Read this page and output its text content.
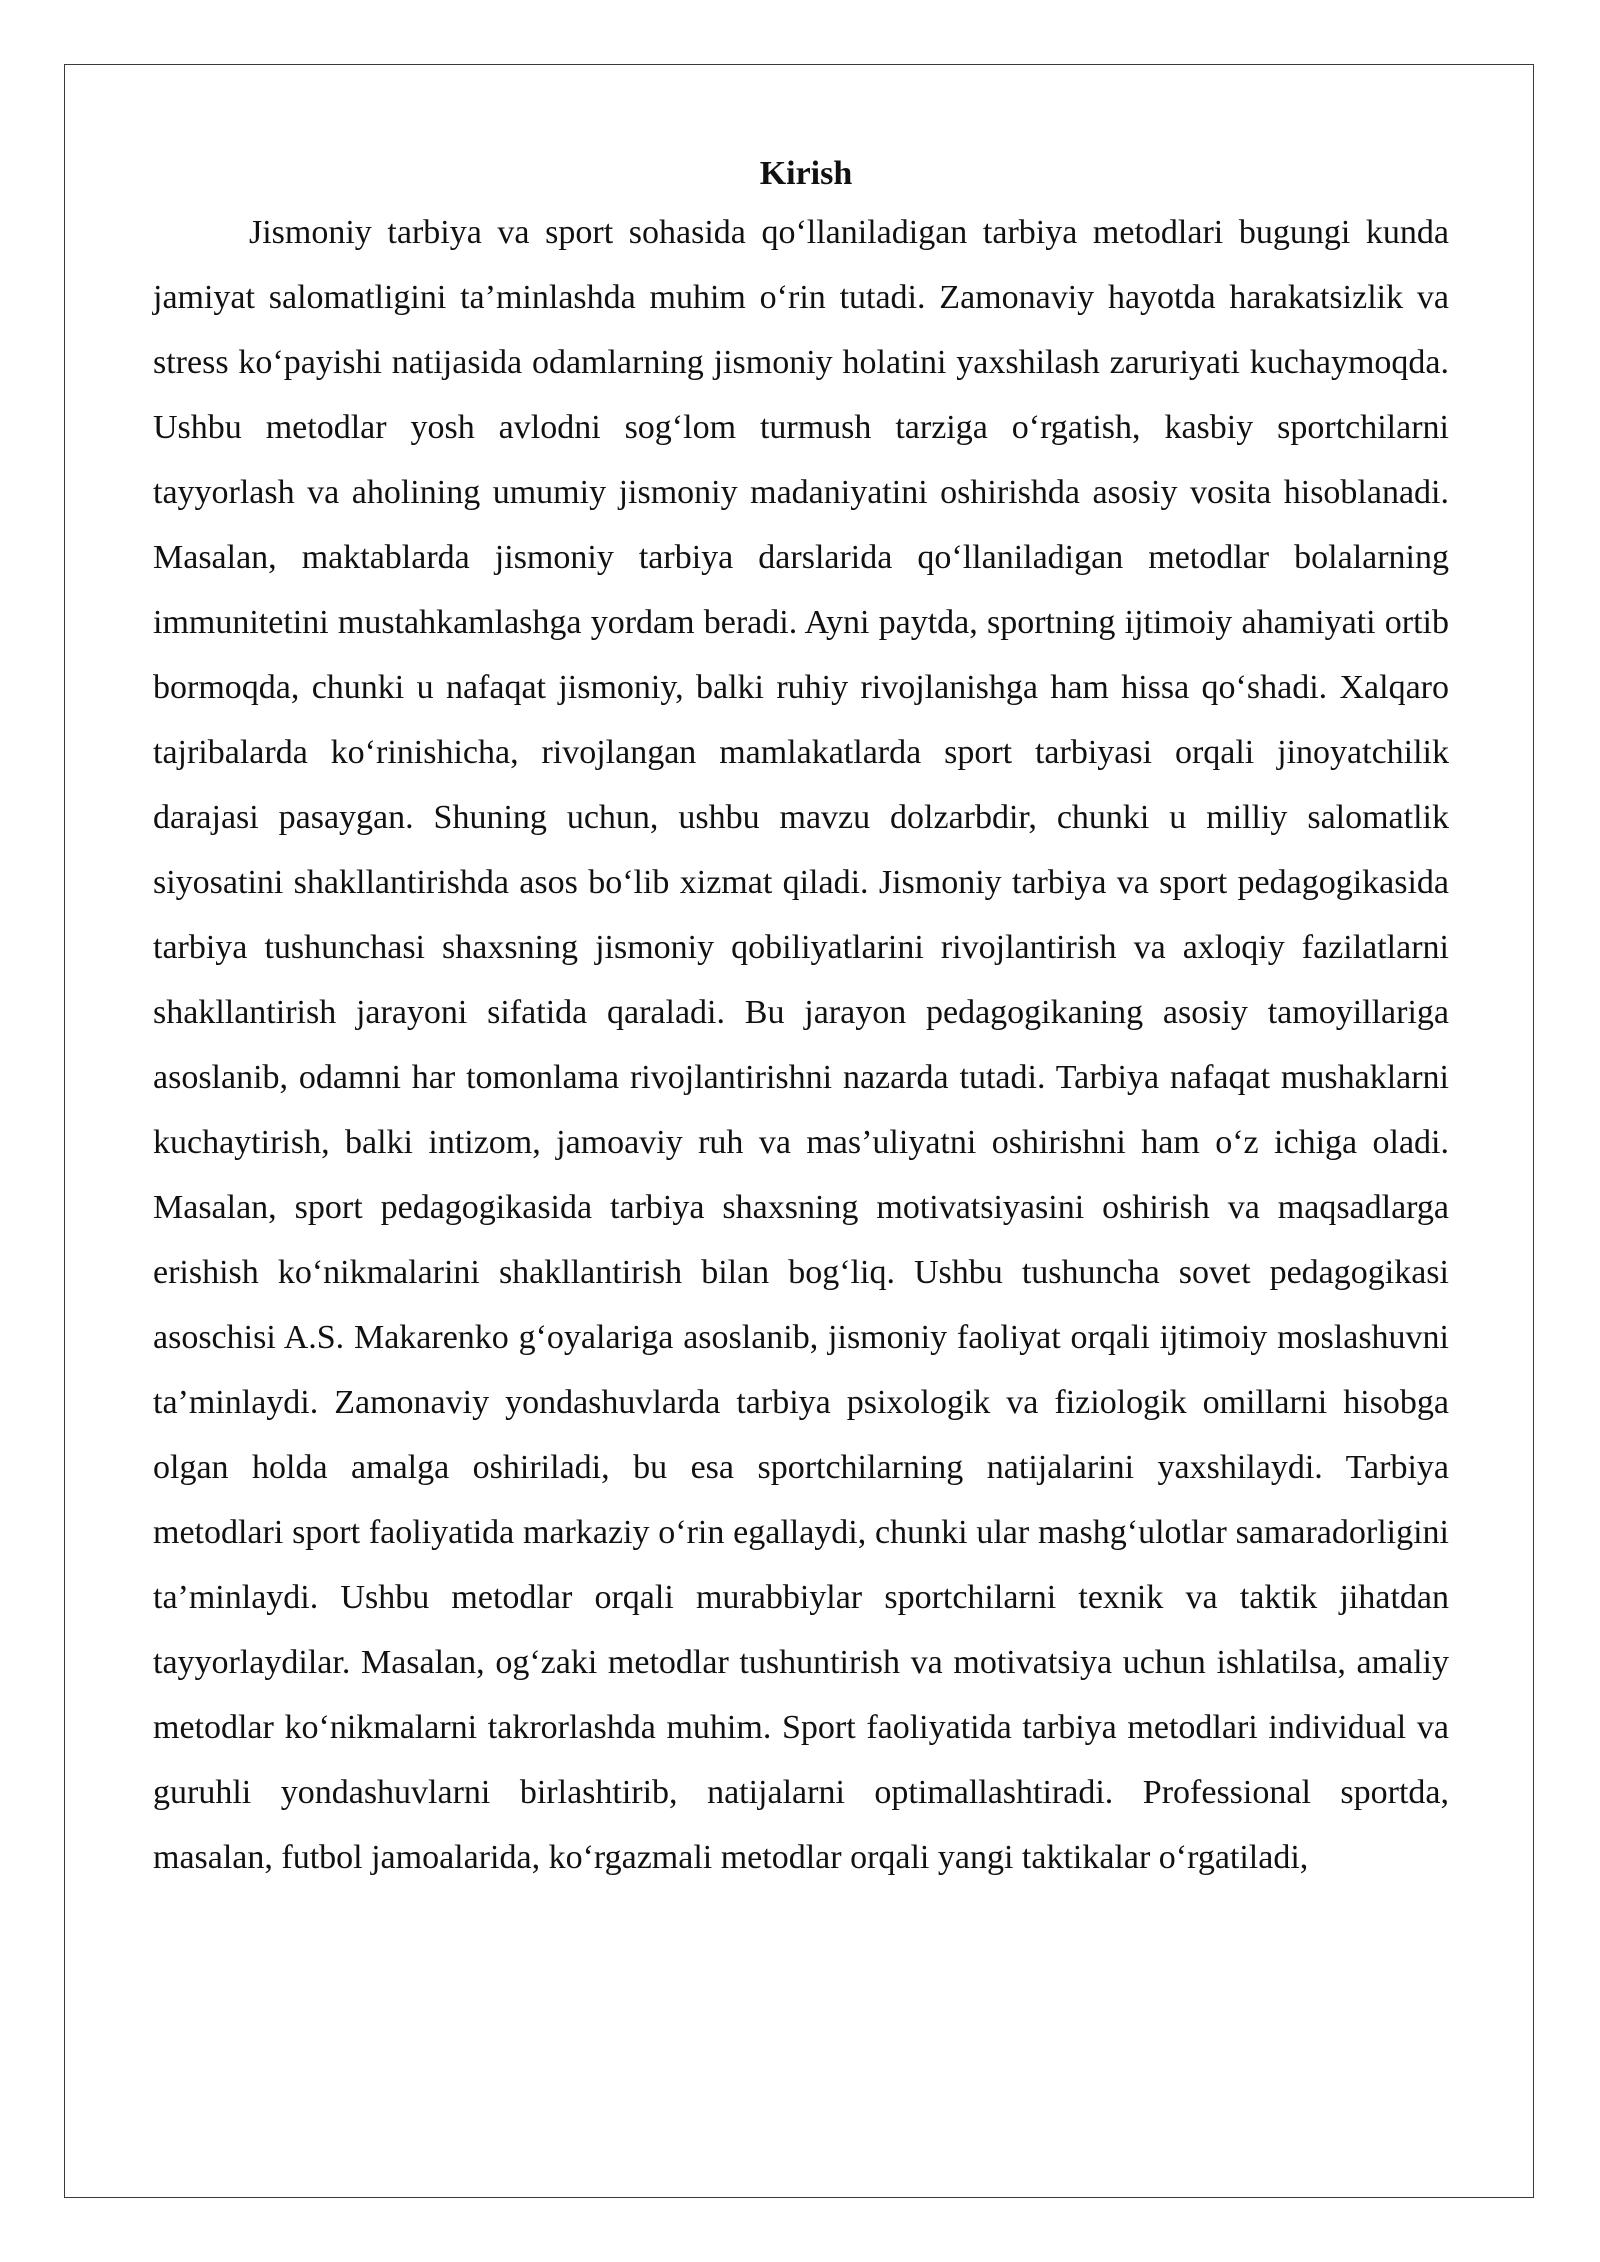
Kirish

Jismoniy tarbiya va sport sohasida qo‘llaniladigan tarbiya metodlari bugungi kunda jamiyat salomatligini ta’minlashda muhim o‘rin tutadi. Zamonaviy hayotda harakatsizlik va stress ko‘payishi natijasida odamlarning jismoniy holatini yaxshilash zaruriyati kuchaymoqda. Ushbu metodlar yosh avlodni sog‘lom turmush tarziga o‘rgatish, kasbiy sportchilarni tayyorlash va aholining umumiy jismoniy madaniyatini oshirishda asosiy vosita hisoblanadi. Masalan, maktablarda jismoniy tarbiya darslarida qo‘llaniladigan metodlar bolalarning immunitetini mustahkamlashga yordam beradi. Ayni paytda, sportning ijtimoiy ahamiyati ortib bormoqda, chunki u nafaqat jismoniy, balki ruhiy rivojlanishga ham hissa qo‘shadi. Xalqaro tajribalarda ko‘rinishicha, rivojlangan mamlakatlarda sport tarbiyasi orqali jinoyatchilik darajasi pasaygan. Shuning uchun, ushbu mavzu dolzarbdir, chunki u milliy salomatlik siyosatini shakllantirishda asos bo‘lib xizmat qiladi. Jismoniy tarbiya va sport pedagogikasida tarbiya tushunchasi shaxsning jismoniy qobiliyatlarini rivojlantirish va axloqiy fazilatlarni shakllantirish jarayoni sifatida qaraladi. Bu jarayon pedagogikaning asosiy tamoyillariga asoslanib, odamni har tomonlama rivojlantirishni nazarda tutadi. Tarbiya nafaqat mushaklarni kuchaytirish, balki intizom, jamoaviy ruh va mas’uliyatni oshirishni ham o‘z ichiga oladi. Masalan, sport pedagogikasida tarbiya shaxsning motivatsiyasini oshirish va maqsadlarga erishish ko‘nikmalarini shakllantirish bilan bog‘liq. Ushbu tushuncha sovet pedagogikasi asoschisi A.S. Makarenko g‘oyalariga asoslanib, jismoniy faoliyat orqali ijtimoiy moslashuvni ta’minlaydi. Zamonaviy yondashuvlarda tarbiya psixologik va fiziologik omillarni hisobga olgan holda amalga oshiriladi, bu esa sportchilarning natijalarini yaxshilaydi. Tarbiya metodlari sport faoliyatida markaziy o‘rin egallaydi, chunki ular mashg‘ulotlar samaradorligini ta’minlaydi. Ushbu metodlar orqali murabbiylar sportchilarni texnik va taktik jihatdan tayyorlaydilar. Masalan, og‘zaki metodlar tushuntirish va motivatsiya uchun ishlatilsa, amaliy metodlar ko‘nikmalarni takrorlashda muhim. Sport faoliyatida tarbiya metodlari individual va guruhli yondashuvlarni birlashtirib, natijalarni optimallashtiradi. Professional sportda, masalan, futbol jamoalarida, ko‘rgazmali metodlar orqali yangi taktikalar o‘rgatiladi,
